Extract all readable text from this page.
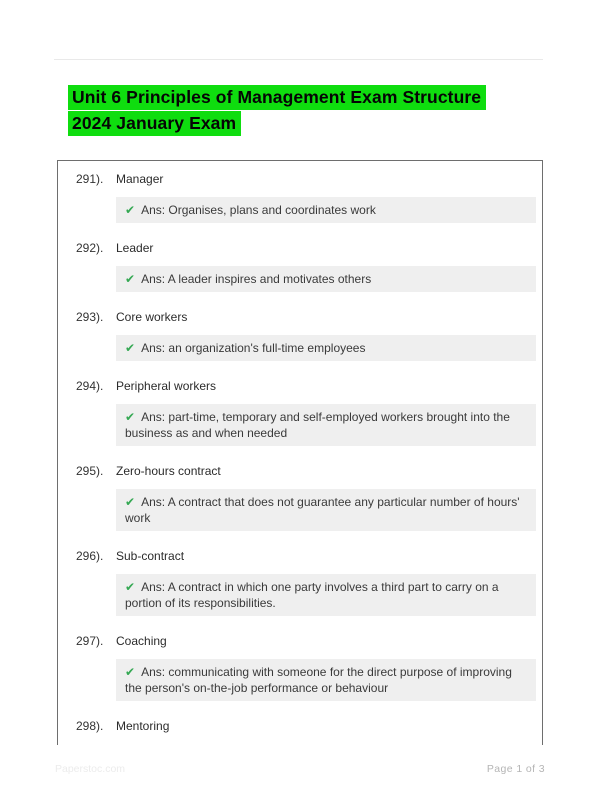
Unit 6 Principles of Management Exam Structure
2024 January Exam
291).	Manager
✔ Ans: Organises, plans and coordinates work
292).	Leader
✔ Ans: A leader inspires and motivates others
293).	Core workers
✔ Ans: an organization's full-time employees
294).	Peripheral workers
✔ Ans: part-time, temporary and self-employed workers brought into the business as and when needed
295).	Zero-hours contract
✔ Ans: A contract that does not guarantee any particular number of hours' work
296).	Sub-contract
✔ Ans: A contract in which one party involves a third part to carry on a portion of its responsibilities.
297).	Coaching
✔ Ans: communicating with someone for the direct purpose of improving the person's on-the-job performance or behaviour
298).	Mentoring
Paperstoc.com	Page 1 of 3
